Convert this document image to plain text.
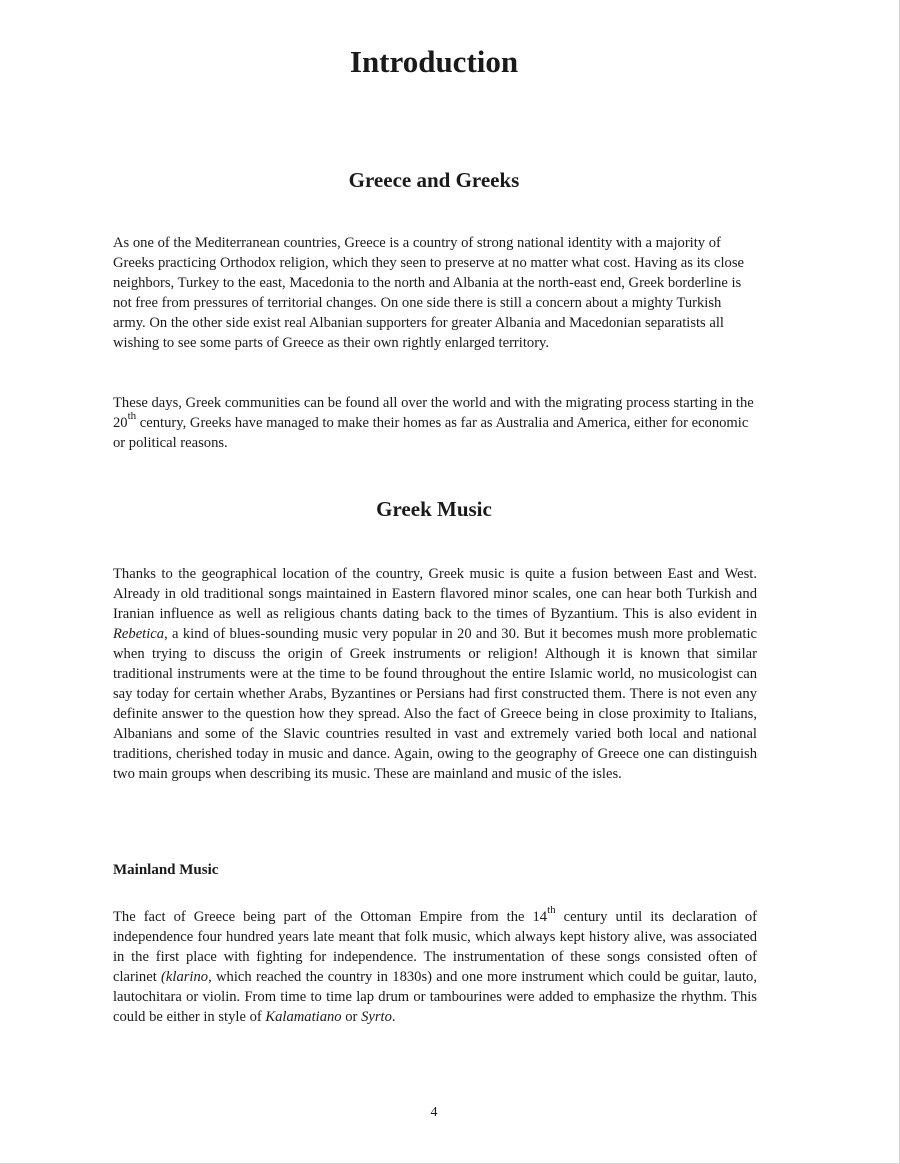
Introduction
Greece and Greeks

As one of the Mediterranean countries, Greece is a country of strong national identity with a majority of Greeks practicing Orthodox religion, which they seen to preserve at no matter what cost. Having as its close neighbors, Turkey to the east, Macedonia to the north and Albania at the north-east end, Greek borderline is not free from pressures of territorial changes. On one side there is still a concern about a mighty Turkish army. On the other side exist real Albanian supporters for greater Albania and Macedonian separatists all wishing to see some parts of Greece as their own rightly enlarged territory.

These days, Greek communities can be found all over the world and with the migrating process starting in the 20th century, Greeks have managed to make their homes as far as Australia and America, either for economic or political reasons.

Greek Music

Thanks to the geographical location of the country, Greek music is quite a fusion between East and West. Already in old traditional songs maintained in Eastern flavored minor scales, one can hear both Turkish and Iranian influence as well as religious chants dating back to the times of Byzantium. This is also evident in Rebetica, a kind of blues-sounding music very popular in 20 and 30. But it becomes mush more problematic when trying to discuss the origin of Greek instruments or religion! Although it is known that similar traditional instruments were at the time to be found throughout the entire Islamic world, no musicologist can say today for certain whether Arabs, Byzantines or Persians had first constructed them. There is not even any definite answer to the question how they spread. Also the fact of Greece being in close proximity to Italians, Albanians and some of the Slavic countries resulted in vast and extremely varied both local and national traditions, cherished today in music and dance. Again, owing to the geography of Greece one can distinguish two main groups when describing its music. These are mainland and music of the isles.

Mainland Music

The fact of Greece being part of the Ottoman Empire from the 14th century until its declaration of independence four hundred years late meant that folk music, which always kept history alive, was associated in the first place with fighting for independence. The instrumentation of these songs consisted often of clarinet (klarino, which reached the country in 1830s) and one more instrument which could be guitar, lauto, lautochitara or violin. From time to time lap drum or tambourines were added to emphasize the rhythm. This could be either in style of Kalamatiano or Syrto.

4
